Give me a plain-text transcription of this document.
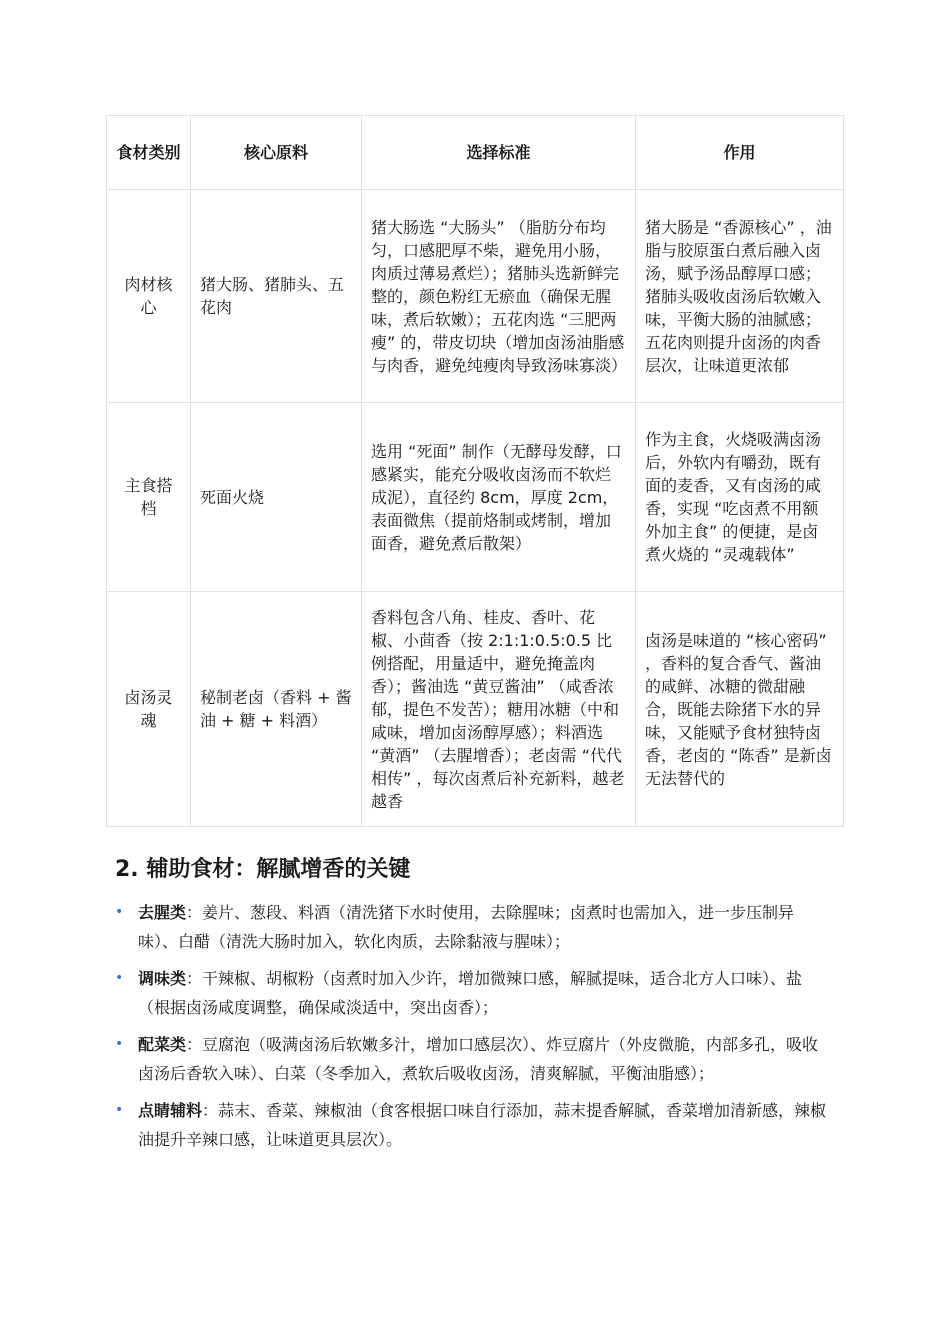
食材类别	核心原料	选择标准	作用
肉材核心	猪大肠、猪肺头、五花肉	猪大肠选 “大肠头” （脂肪分布均匀，口感肥厚不柴，避免用小肠，肉质过薄易煮烂）；猪肺头选新鲜完整的，颜色粉红无瘀血（确保无腥味，煮后软嫩）；五花肉选 “三肥两瘦” 的，带皮切块（增加卤汤油脂感与肉香，避免纯瘦肉导致汤味寡淡）	猪大肠是 “香源核心” ，油脂与胶原蛋白煮后融入卤汤，赋予汤品醇厚口感；猪肺头吸收卤汤后软嫩入味，平衡大肠的油腻感；五花肉则提升卤汤的肉香层次，让味道更浓郁
主食搭档	死面火烧	选用 “死面” 制作（无酵母发酵，口感紧实，能充分吸收卤汤而不软烂成泥），直径约 8cm，厚度 2cm，表面微焦（提前烙制或烤制，增加面香，避免煮后散架）	作为主食，火烧吸满卤汤后，外软内有嚼劲，既有面的麦香，又有卤汤的咸香，实现 “吃卤煮不用额外加主食” 的便捷，是卤煮火烧的 “灵魂载体”
卤汤灵魂	秘制老卤（香料 + 酱油 + 糖 + 料酒）	香料包含八角、桂皮、香叶、花椒、小茴香（按 2:1:1:0.5:0.5 比例搭配，用量适中，避免掩盖肉香）；酱油选 “黄豆酱油” （咸香浓郁，提色不发苦）；糖用冰糖（中和咸味，增加卤汤醇厚感）；料酒选 “黄酒” （去腥增香）；老卤需 “代代相传” ，每次卤煮后补充新料，越老越香	卤汤是味道的 “核心密码” ，香料的复合香气、酱油的咸鲜、冰糖的微甜融合，既能去除猪下水的异味，又能赋予食材独特卤香，老卤的 “陈香” 是新卤无法替代的
2. 辅助食材：解腻增香的关键
• 去腥类：姜片、葱段、料酒（清洗猪下水时使用，去除腥味；卤煮时也需加入，进一步压制异味）、白醋（清洗大肠时加入，软化肉质，去除黏液与腥味）；
• 调味类：干辣椒、胡椒粉（卤煮时加入少许，增加微辣口感，解腻提味，适合北方人口味）、盐（根据卤汤咸度调整，确保咸淡适中，突出卤香）；
• 配菜类：豆腐泡（吸满卤汤后软嫩多汁，增加口感层次）、炸豆腐片（外皮微脆，内部多孔，吸收卤汤后香软入味）、白菜（冬季加入，煮软后吸收卤汤，清爽解腻，平衡油脂感）；
• 点睛辅料：蒜末、香菜、辣椒油（食客根据口味自行添加，蒜末提香解腻，香菜增加清新感，辣椒油提升辛辣口感，让味道更具层次）。
